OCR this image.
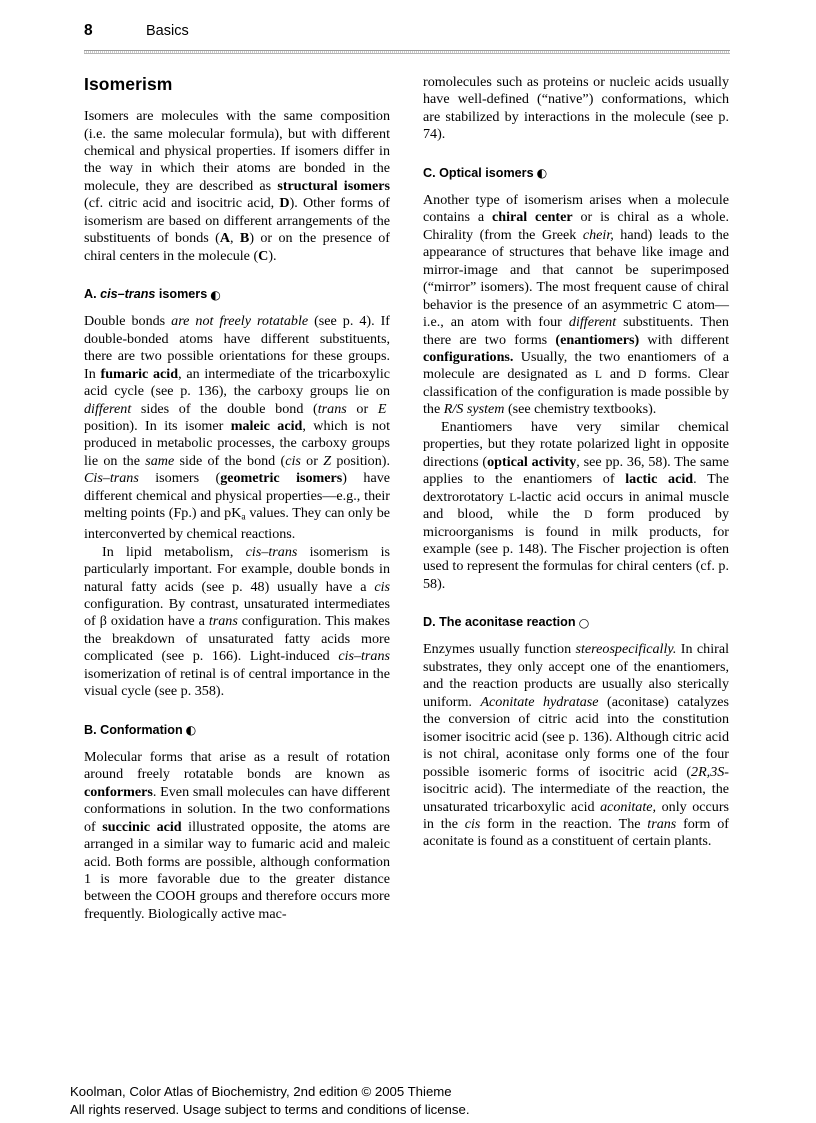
8	Basics
Isomerism

Isomers are molecules with the same composition (i.e. the same molecular formula), but with different chemical and physical properties. If isomers differ in the way in which their atoms are bonded in the molecule, they are described as structural isomers (cf. citric acid and isocitric acid, D). Other forms of isomerism are based on different arrangements of the substituents of bonds (A, B) or on the presence of chiral centers in the molecule (C).

A. cis–trans isomers ◐

Double bonds are not freely rotatable (see p. 4). If double-bonded atoms have different substituents, there are two possible orientations for these groups. In fumaric acid, an intermediate of the tricarboxylic acid cycle (see p. 136), the carboxy groups lie on different sides of the double bond (trans or E  position). In its isomer maleic acid, which is not produced in metabolic processes, the carboxy groups lie on the same side of the bond (cis or Z position). Cis–trans isomers (geometric isomers) have different chemical and physical properties—e.g., their melting points (Fp.) and $pK_a$ values. They can only be interconverted by chemical reactions.

In lipid metabolism, cis–trans isomerism is particularly important. For example, double bonds in natural fatty acids (see p. 48) usually have a cis configuration. By contrast, unsaturated intermediates of β oxidation have a trans configuration. This makes the breakdown of unsaturated fatty acids more complicated (see p. 166). Light-induced cis–trans isomerization of retinal is of central importance in the visual cycle (see p. 358).

B. Conformation ◐

Molecular forms that arise as a result of rotation around freely rotatable bonds are known as conformers. Even small molecules can have different conformations in solution. In the two conformations of succinic acid illustrated opposite, the atoms are arranged in a similar way to fumaric acid and maleic acid. Both forms are possible, although conformation 1 is more favorable due to the greater distance between the COOH groups and therefore occurs more frequently. Biologically active mac-

romolecules such as proteins or nucleic acids usually have well-defined (“native”) conformations, which are stabilized by interactions in the molecule (see p. 74).

C. Optical isomers ◐

Another type of isomerism arises when a molecule contains a chiral center or is chiral as a whole. Chirality (from the Greek cheir, hand) leads to the appearance of structures that behave like image and mirror-image and that cannot be superimposed (“mirror” isomers). The most frequent cause of chiral behavior is the presence of an asymmetric C atom—i.e., an atom with four different substituents. Then there are two forms (enantiomers) with different configurations. Usually, the two enantiomers of a molecule are designated as L and D forms. Clear classification of the configuration is made possible by the R/S system (see chemistry textbooks).

Enantiomers have very similar chemical properties, but they rotate polarized light in opposite directions (optical activity, see pp. 36, 58). The same applies to the enantiomers of lactic acid. The dextrorotatory L-lactic acid occurs in animal muscle and blood, while the D form produced by microorganisms is found in milk products, for example (see p. 148). The Fischer projection is often used to represent the formulas for chiral centers (cf. p. 58).

D. The aconitase reaction ○

Enzymes usually function stereospecifically. In chiral substrates, they only accept one of the enantiomers, and the reaction products are usually also sterically uniform. Aconitate hydratase (aconitase) catalyzes the conversion of citric acid into the constitution isomer isocitric acid (see p. 136). Although citric acid is not chiral, aconitase only forms one of the four possible isomeric forms of isocitric acid (2R,3S-isocitric acid). The intermediate of the reaction, the unsaturated tricarboxylic acid aconitate, only occurs in the cis form in the reaction. The trans form of aconitate is found as a constituent of certain plants.

Koolman, Color Atlas of Biochemistry, 2nd edition © 2005 Thieme
All rights reserved. Usage subject to terms and conditions of license.
